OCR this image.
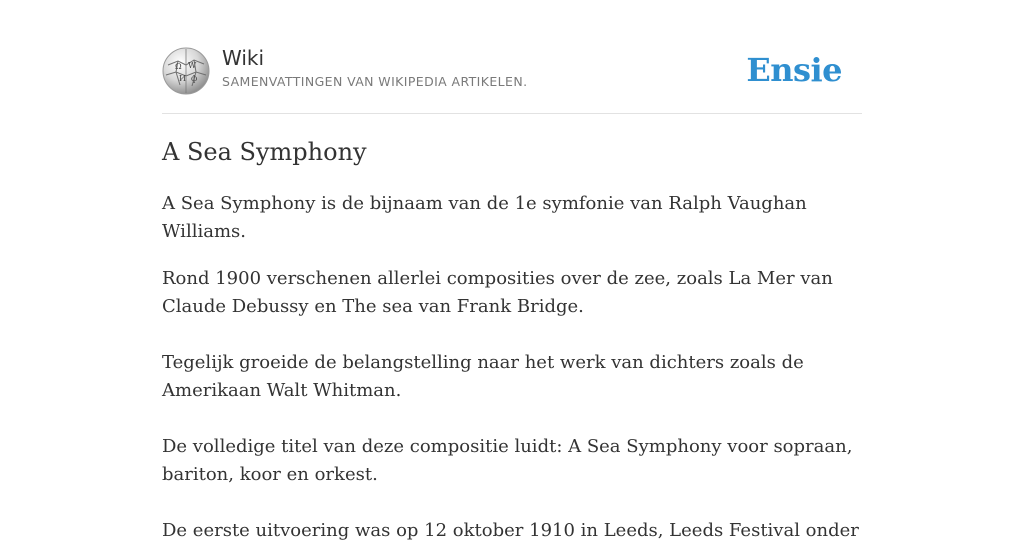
Ω W
И ф
Wiki
SAMENVATTINGEN VAN WIKIPEDIA ARTIKELEN.	Ensie
A Sea Symphony

A Sea Symphony is de bijnaam van de 1e symfonie van Ralph Vaughan Williams.

Rond 1900 verschenen allerlei composities over de zee, zoals La Mer van Claude Debussy en The sea van Frank Bridge.

Tegelijk groeide de belangstelling naar het werk van dichters zoals de Amerikaan Walt Whitman.

De volledige titel van deze compositie luidt: A Sea Symphony voor sopraan, bariton, koor en orkest.

De eerste uitvoering was op 12 oktober 1910 in Leeds, Leeds Festival onder
